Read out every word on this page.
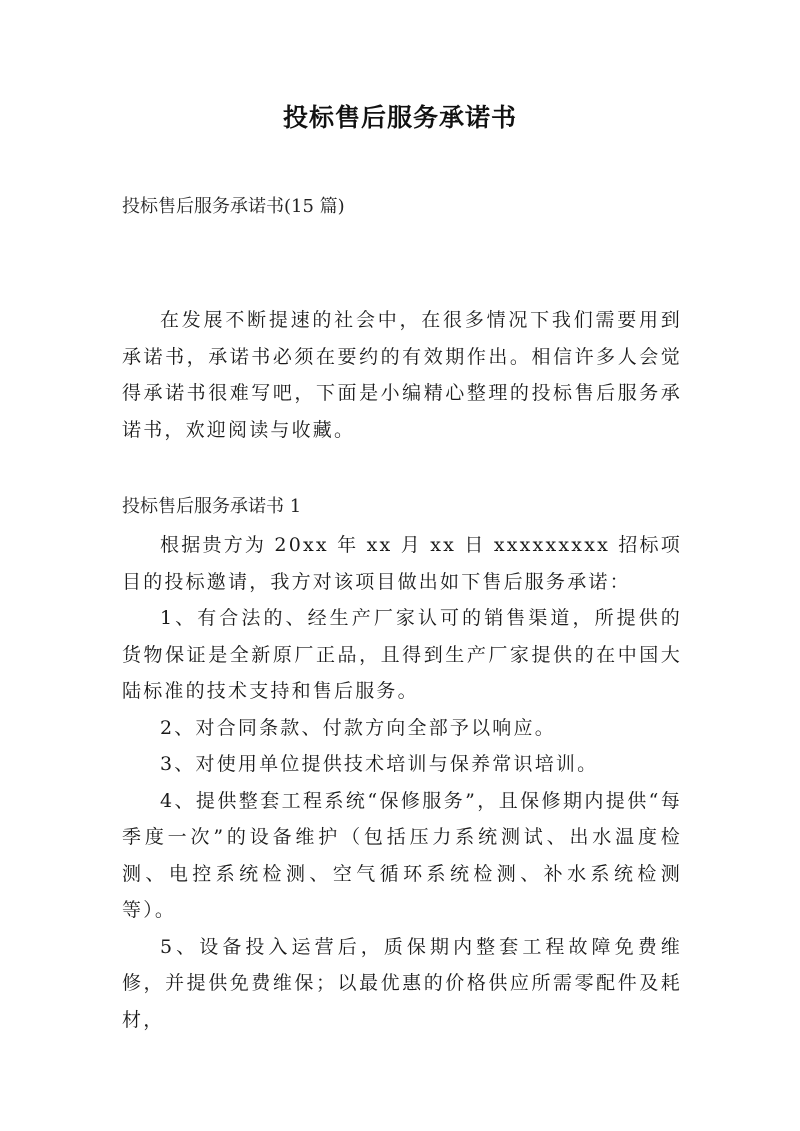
投标售后服务承诺书
投标售后服务承诺书(15 篇)
在发展不断提速的社会中，在很多情况下我们需要用到承诺书，承诺书必须在要约的有效期作出。相信许多人会觉得承诺书很难写吧，下面是小编精心整理的投标售后服务承诺书，欢迎阅读与收藏。
投标售后服务承诺书 1
根据贵方为 20xx 年 xx 月 xx 日 xxxxxxxxx 招标项目的投标邀请，我方对该项目做出如下售后服务承诺：
1、有合法的、经生产厂家认可的销售渠道，所提供的货物保证是全新原厂正品，且得到生产厂家提供的在中国大陆标准的技术支持和售后服务。
2、对合同条款、付款方向全部予以响应。
3、对使用单位提供技术培训与保养常识培训。
4、提供整套工程系统“保修服务”，且保修期内提供“每季度一次”的设备维护（包括压力系统测试、出水温度检测、电控系统检测、空气循环系统检测、补水系统检测等）。
5、设备投入运营后，质保期内整套工程故障免费维修，并提供免费维保；以最优惠的价格供应所需零配件及耗材，
